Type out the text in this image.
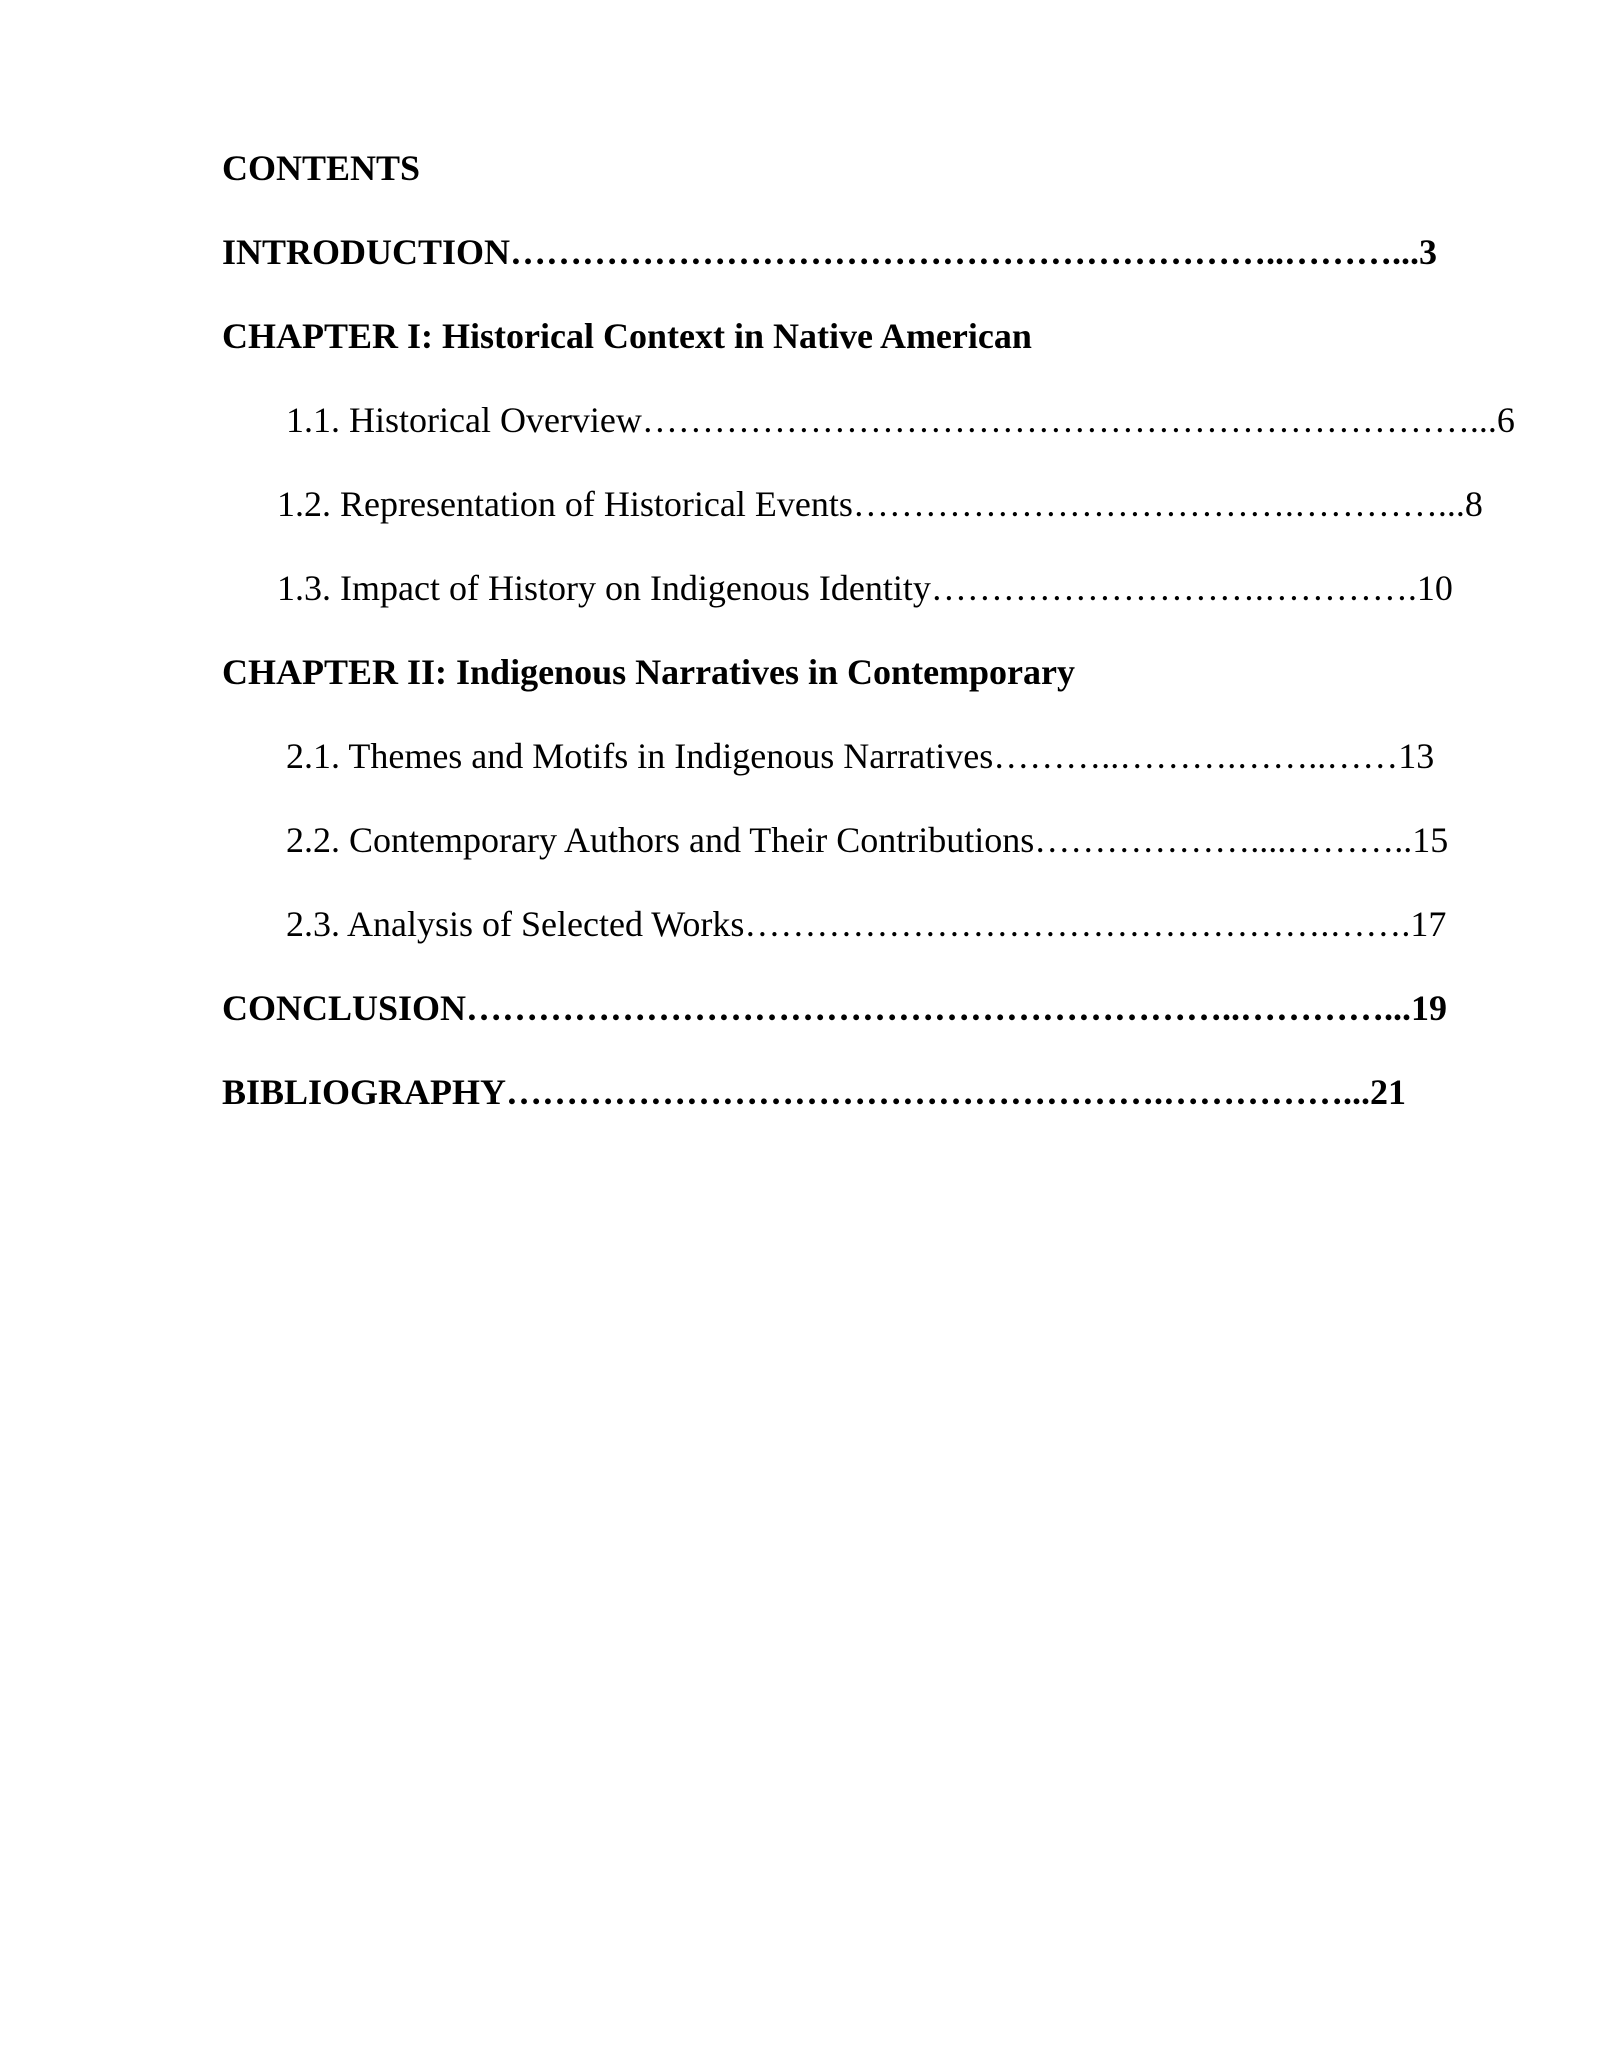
CONTENTS
INTRODUCTION………………………………………………………..………...3
CHAPTER I: Historical Context in Native American
1.1. Historical Overview……………………………………………………………...6
1.2. Representation of Historical Events……………………………….…………...8
1.3. Impact of History on Indigenous Identity……………………….………….10
CHAPTER II: Indigenous Narratives in Contemporary
2.1. Themes and Motifs in Indigenous Narratives………..……….……..……13
2.2. Contemporary Authors and Their Contributions………………....………..15
2.3. Analysis of Selected Works………………………………………….…….17
CONCLUSION………………………………………………………..…………...19
BIBLIOGRAPHY……………………………………………….……………...21
